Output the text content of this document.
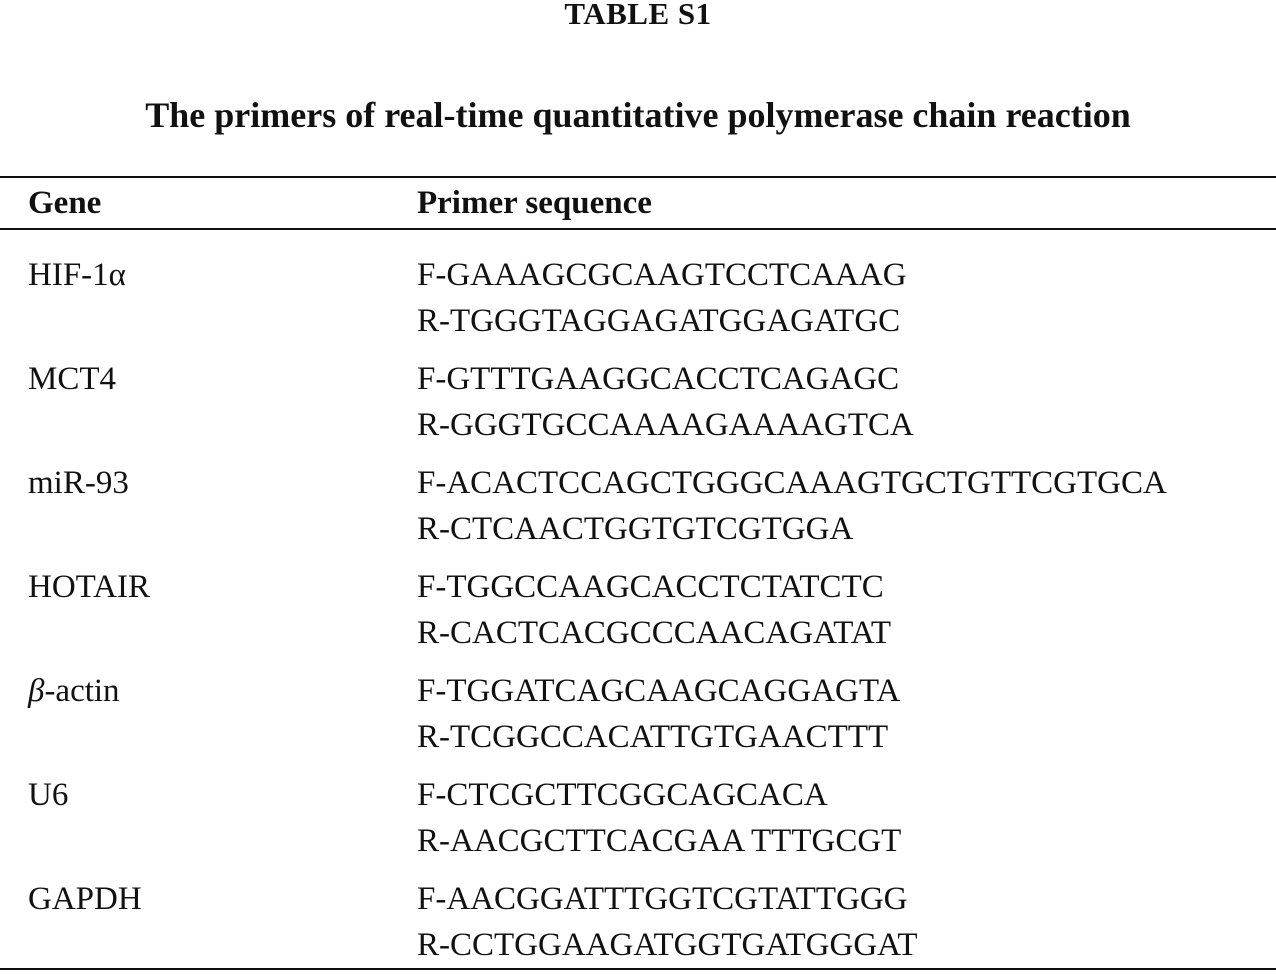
TABLE S1
The primers of real-time quantitative polymerase chain reaction
Gene	Primer sequence
HIF-1α	F-GAAAGCGCAAGTCCTCAAAG
R-TGGGTAGGAGATGGAGATGC
MCT4	F-GTTTGAAGGCACCTCAGAGC
R-GGGTGCCAAAAGAAAAGTCA
miR-93	F-ACACTCCAGCTGGGCAAAGTGCTGTTCGTGCA
R-CTCAACTGGTGTCGTGGA
HOTAIR	F-TGGCCAAGCACCTCTATCTC
R-CACTCACGCCCAACAGATAT
β-actin	F-TGGATCAGCAAGCAGGAGTA
R-TCGGCCACATTGTGAACTTT
U6	F-CTCGCTTCGGCAGCACA
R-AACGCTTCACGAA TTTGCGT
GAPDH	F-AACGGATTTGGTCGTATTGGG
R-CCTGGAAGATGGTGATGGGAT
